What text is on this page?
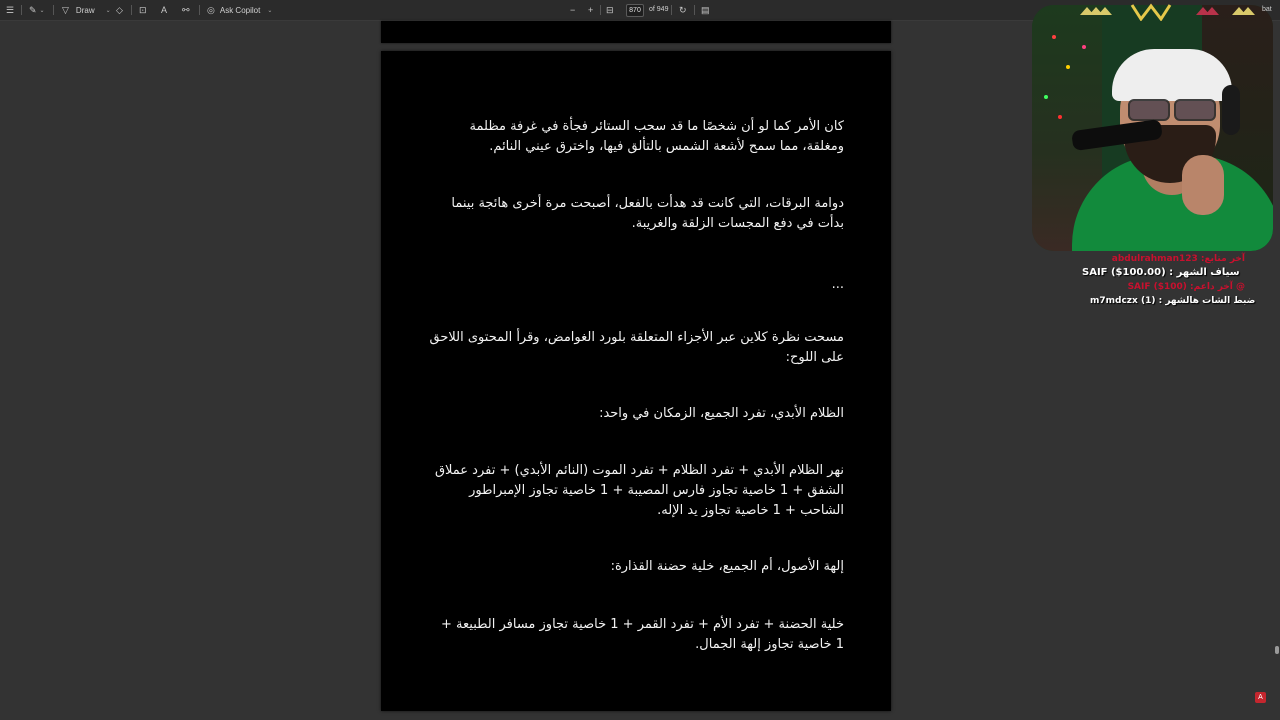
☰ ✎ ⌄ ▽ Draw ⌄ ◇ ⊡ A ⚯ ◎ Ask Copilot ⌄	− + ⊟
870	of 949 ↻ ▤

كان الأمر كما لو أن شخصًا ما قد سحب الستائر فجأة في غرفة مظلمة ومغلقة، مما سمح لأشعة الشمس بالتألق فيها، واخترق عيني النائم.

دوامة البرقات، التي كانت قد هدأت بالفعل، أصبحت مرة أخرى هائجة بينما بدأت في دفع المجسات الزلقة والغريبة.

...

مسحت نظرة كلاين عبر الأجزاء المتعلقة بلورد الغوامض، وقرأ المحتوى اللاحق على اللوح:

الظلام الأبدي، تفرد الجميع، الزمكان في واحد:

نهر الظلام الأبدي + تفرد الظلام + تفرد الموت (النائم الأبدي) + تفرد عملاق الشفق + 1 خاصية تجاوز فارس المصيبة + 1 خاصية تجاوز الإمبراطور الشاحب + 1 خاصية تجاوز يد الإله.

إلهة الأصول، أم الجميع، خلية حضنة القذارة:

خلية الحضنة + تفرد الأم + تفرد القمر + 1 خاصية تجاوز مسافر الطبيعة + 1 خاصية تجاوز إلهة الجمال.

A
bat
آخر متابع: abdulrahman123
سياف الشهر : SAIF ($100.00)
@ آخر داعم: SAIF ($100)
ضبط الشات هالشهر : m7mdczx (1)
